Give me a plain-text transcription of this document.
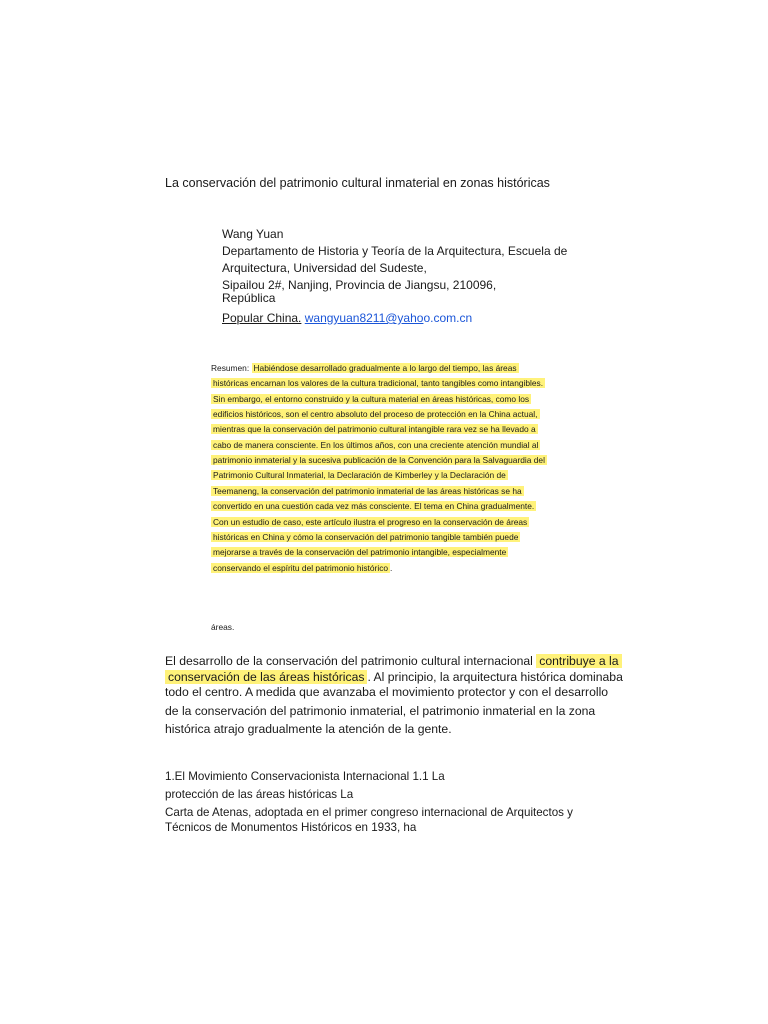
La conservación del patrimonio cultural inmaterial en zonas históricas
Wang Yuan
Departamento de Historia y Teoría de la Arquitectura, Escuela de
Arquitectura, Universidad del Sudeste,
Sipailou 2#, Nanjing, Provincia de Jiangsu, 210096,
República
Popular China. wangyuan8211@yahoo.com.cn
Resumen: Habiéndose desarrollado gradualmente a lo largo del tiempo, las áreas
históricas encarnan los valores de la cultura tradicional, tanto tangibles como intangibles.
Sin embargo, el entorno construido y la cultura material en áreas históricas, como los
edificios históricos, son el centro absoluto del proceso de protección en la China actual,
mientras que la conservación del patrimonio cultural intangible rara vez se ha llevado a
cabo de manera consciente. En los últimos años, con una creciente atención mundial al
patrimonio inmaterial y la sucesiva publicación de la Convención para la Salvaguardia del
Patrimonio Cultural Inmaterial, la Declaración de Kimberley y la Declaración de
Teemaneng, la conservación del patrimonio inmaterial de las áreas históricas se ha
convertido en una cuestión cada vez más consciente. El tema en China gradualmente.
Con un estudio de caso, este artículo ilustra el progreso en la conservación de áreas
históricas en China y cómo la conservación del patrimonio tangible también puede
mejorarse a través de la conservación del patrimonio intangible, especialmente
conservando el espíritu del patrimonio histórico .
áreas.
El desarrollo de la conservación del patrimonio cultural internacional contribuye a la
conservación de las áreas históricas . Al principio, la arquitectura histórica dominaba
todo el centro. A medida que avanzaba el movimiento protector y con el desarrollo
de la conservación del patrimonio inmaterial, el patrimonio inmaterial en la zona
histórica atrajo gradualmente la atención de la gente.
1.El Movimiento Conservacionista Internacional 1.1 La
protección de las áreas históricas La
Carta de Atenas, adoptada en el primer congreso internacional de Arquitectos y
Técnicos de Monumentos Históricos en 1933, ha
